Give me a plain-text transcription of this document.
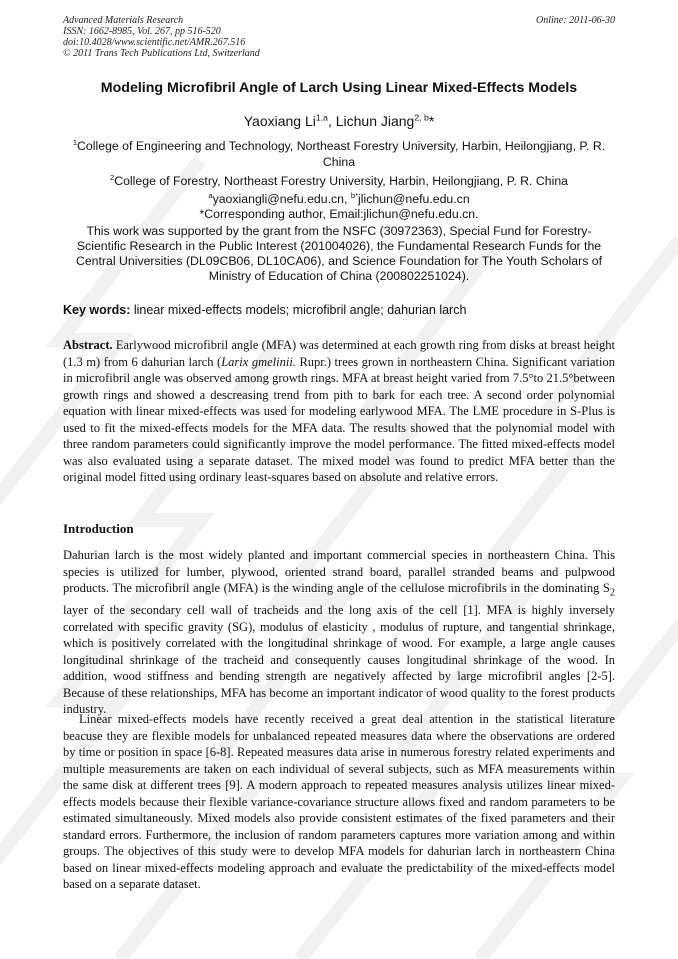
Advanced Materials Research
ISSN: 1662-8985, Vol. 267, pp 516-520
doi:10.4028/www.scientific.net/AMR.267.516
© 2011 Trans Tech Publications Ltd, Switzerland
Online: 2011-06-30
Modeling Microfibril Angle of Larch Using Linear Mixed-Effects Models
Yaoxiang Li$^{1,a}$, Lichun Jiang$^{2, b}$*
$^1$College of Engineering and Technology, Northeast Forestry University, Harbin, Heilongjiang, P. R. China
$^2$College of Forestry, Northeast Forestry University, Harbin, Heilongjiang, P. R. China
$^a$yaoxiangli@nefu.edu.cn, $^{b*}$jlichun@nefu.edu.cn
*Corresponding author, Email:jlichun@nefu.edu.cn.
This work was supported by the grant from the NSFC (30972363), Special Fund for Forestry-Scientific Research in the Public Interest (201004026), the Fundamental Research Funds for the Central Universities (DL09CB06, DL10CA06), and Science Foundation for The Youth Scholars of Ministry of Education of China (200802251024).
Key words: linear mixed-effects models; microfibril angle; dahurian larch
Abstract. Earlywood microfibril angle (MFA) was determined at each growth ring from disks at breast height (1.3 m) from 6 dahurian larch (Larix gmelinii. Rupr.) trees grown in northeastern China. Significant variation in microfibril angle was observed among growth rings. MFA at breast height varied from 7.5°to 21.5°between growth rings and showed a descreasing trend from pith to bark for each tree. A second order polynomial equation with linear mixed-effects was used for modeling earlywood MFA. The LME procedure in S-Plus is used to fit the mixed-effects models for the MFA data. The results showed that the polynomial model with three random parameters could significantly improve the model performance. The fitted mixed-effects model was also evaluated using a separate dataset. The mixed model was found to predict MFA better than the original model fitted using ordinary least-squares based on absolute and relative errors.
Introduction
Dahurian larch is the most widely planted and important commercial species in northeastern China. This species is utilized for lumber, plywood, oriented strand board, parallel stranded beams and pulpwood products. The microfibril angle (MFA) is the winding angle of the cellulose microfibrils in the dominating $S_2$ layer of the secondary cell wall of tracheids and the long axis of the cell [1]. MFA is highly inversely correlated with specific gravity (SG), modulus of elasticity , modulus of rupture, and tangential shrinkage, which is positively correlated with the longitudinal shrinkage of wood. For example, a large angle causes longitudinal shrinkage of the tracheid and consequently causes longitudinal shrinkage of the wood. In addition, wood stiffness and bending strength are negatively affected by large microfibril angles [2-5]. Because of these relationships, MFA has become an important indicator of wood quality to the forest products industry.
Linear mixed-effects models have recently received a great deal attention in the statistical literature beacuse they are flexible models for unbalanced repeated measures data where the observations are ordered by time or position in space [6-8]. Repeated measures data arise in numerous forestry related experiments and multiple measurements are taken on each individual of several subjects, such as MFA measurements within the same disk at different trees [9]. A modern approach to repeated measures analysis utilizes linear mixed-effects models because their flexible variance-covariance structure allows fixed and random parameters to be estimated simultaneously. Mixed models also provide consistent estimates of the fixed parameters and their standard errors. Furthermore, the inclusion of random parameters captures more variation among and within groups. The objectives of this study were to develop MFA models for dahurian larch in northeastern China based on linear mixed-effects modeling approach and evaluate the predictability of the mixed-effects model based on a separate dataset.
